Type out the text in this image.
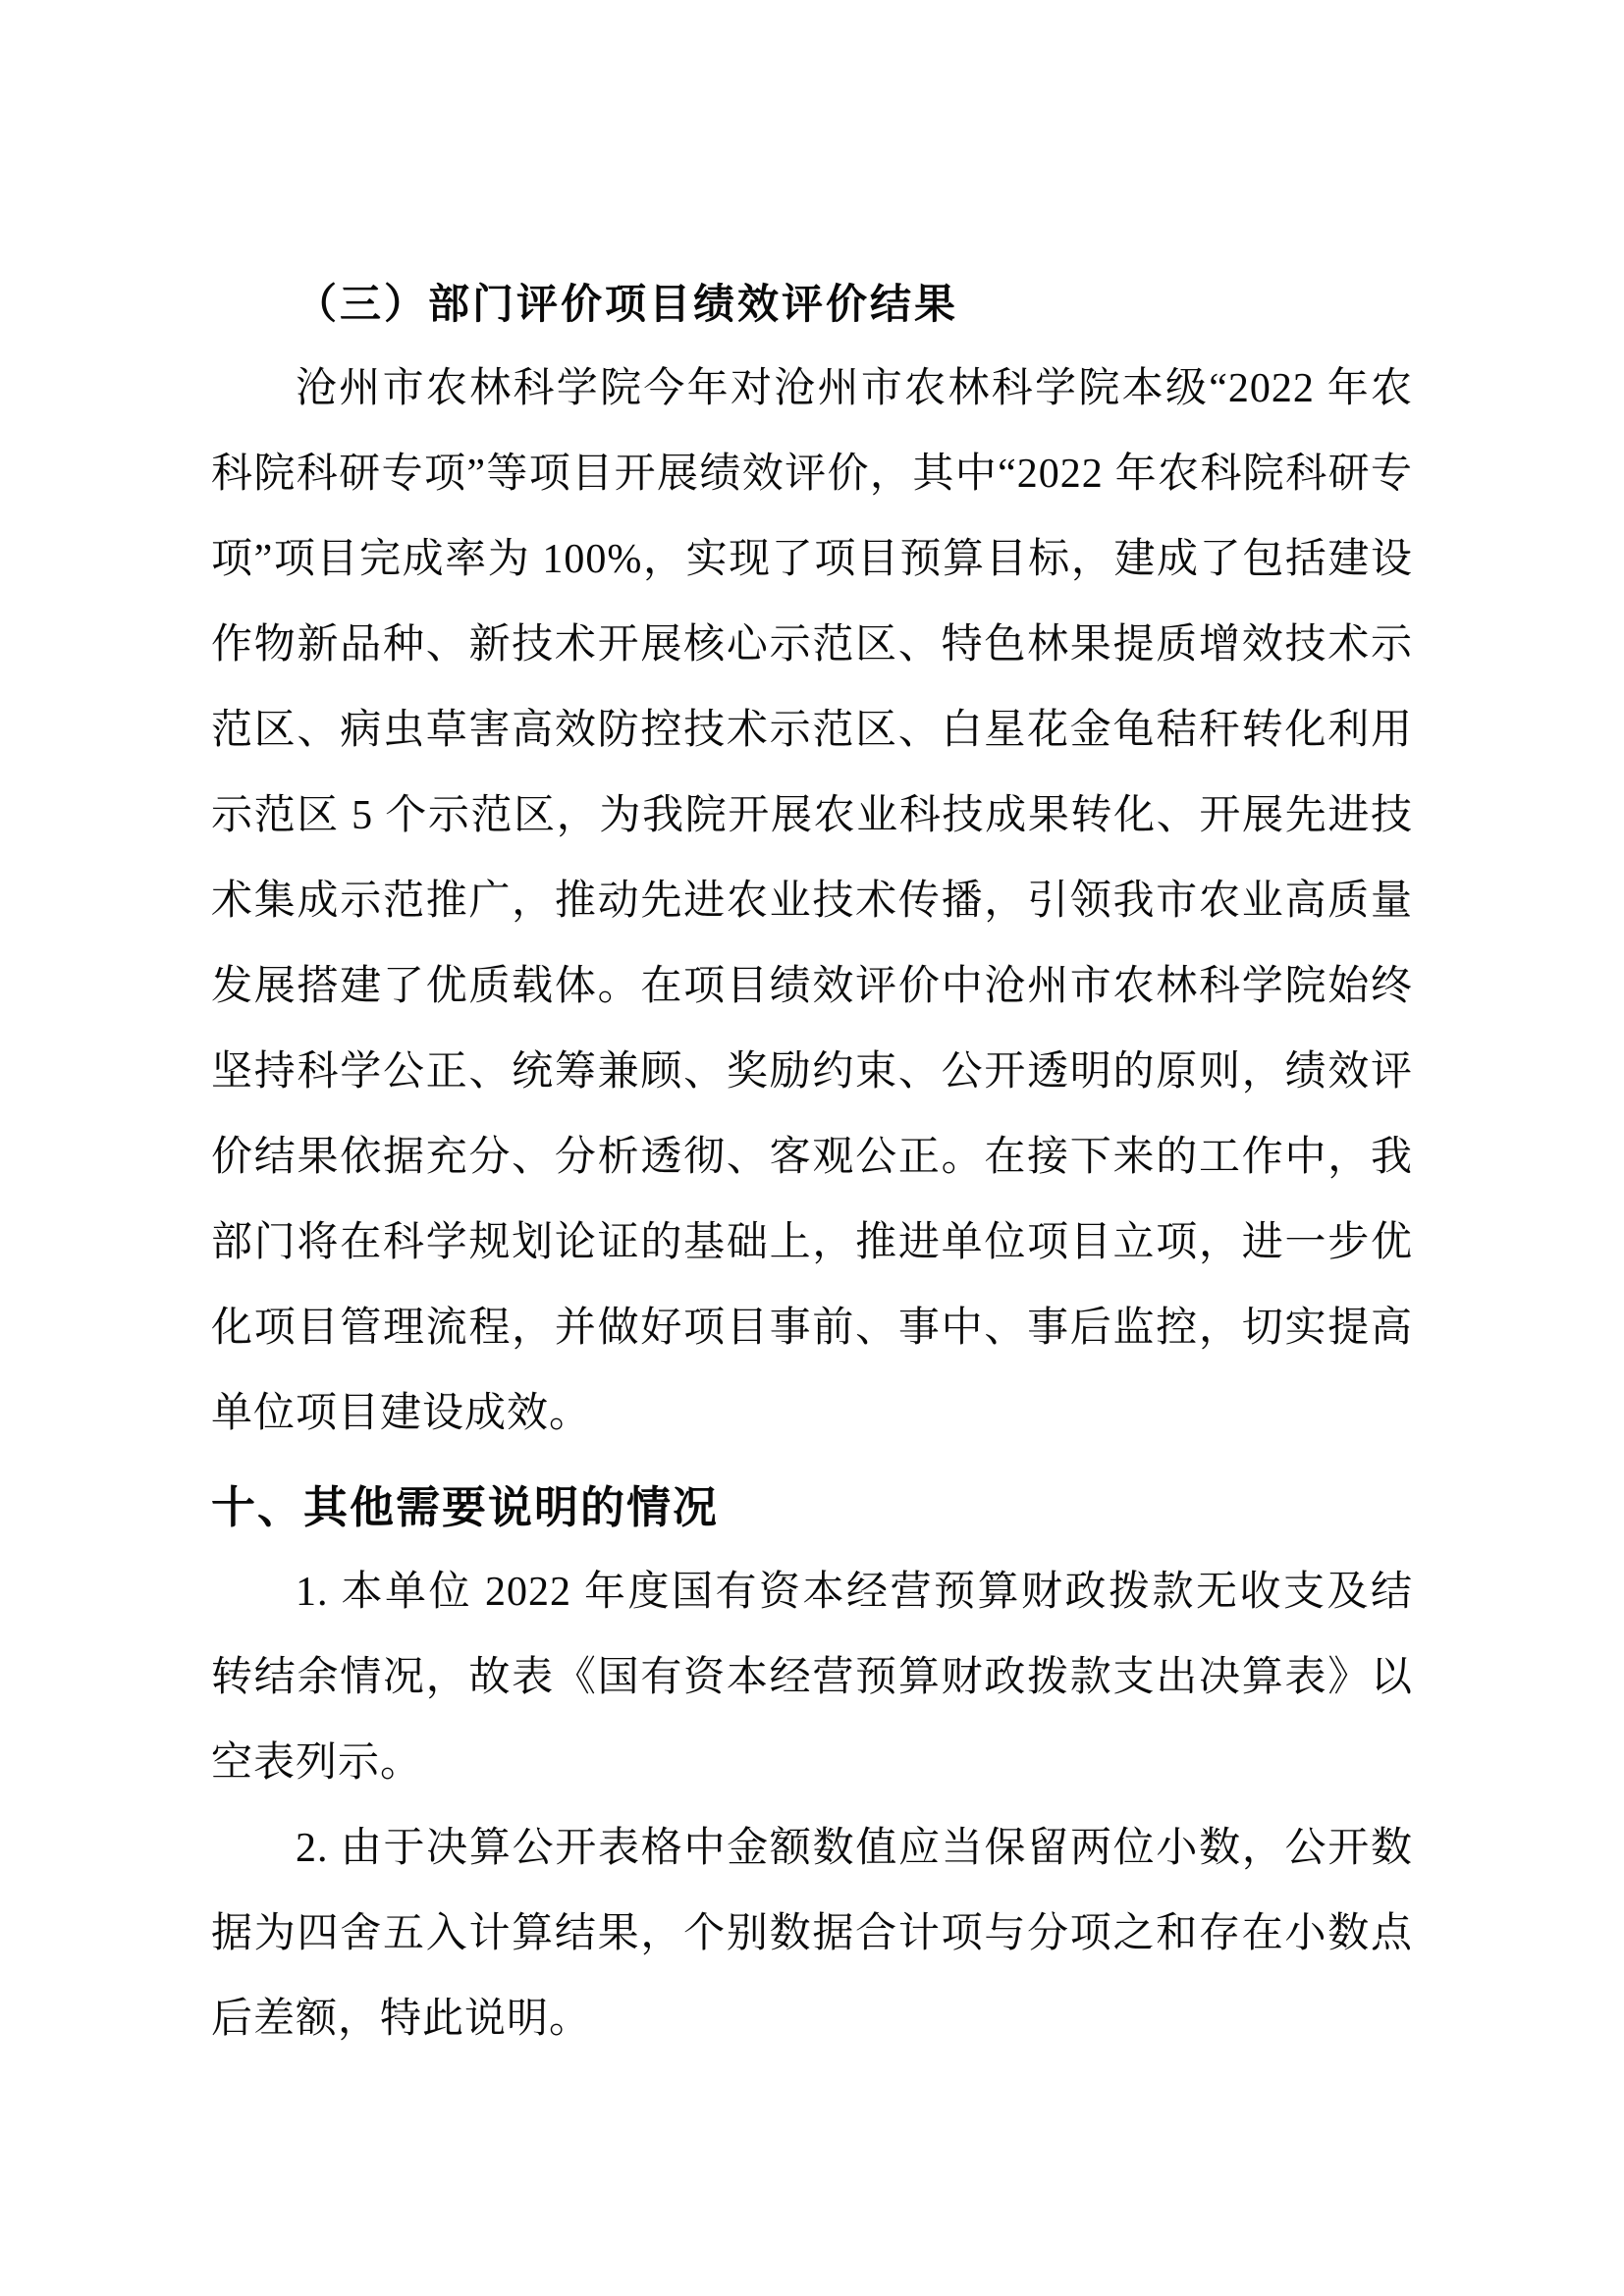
（三）部门评价项目绩效评价结果

沧州市农林科学院今年对沧州市农林科学院本级“2022 年农科院科研专项”等项目开展绩效评价，其中“2022 年农科院科研专项”项目完成率为 100%，实现了项目预算目标，建成了包括建设作物新品种、新技术开展核心示范区、特色林果提质增效技术示范区、病虫草害高效防控技术示范区、白星花金龟秸秆转化利用示范区 5 个示范区，为我院开展农业科技成果转化、开展先进技术集成示范推广，推动先进农业技术传播，引领我市农业高质量发展搭建了优质载体。在项目绩效评价中沧州市农林科学院始终坚持科学公正、统筹兼顾、奖励约束、公开透明的原则，绩效评价结果依据充分、分析透彻、客观公正。在接下来的工作中，我部门将在科学规划论证的基础上，推进单位项目立项，进一步优化项目管理流程，并做好项目事前、事中、事后监控，切实提高单位项目建设成效。

十、其他需要说明的情况

1. 本单位 2022 年度国有资本经营预算财政拨款无收支及结转结余情况，故表《国有资本经营预算财政拨款支出决算表》以空表列示。

2. 由于决算公开表格中金额数值应当保留两位小数，公开数据为四舍五入计算结果，个别数据合计项与分项之和存在小数点后差额，特此说明。
